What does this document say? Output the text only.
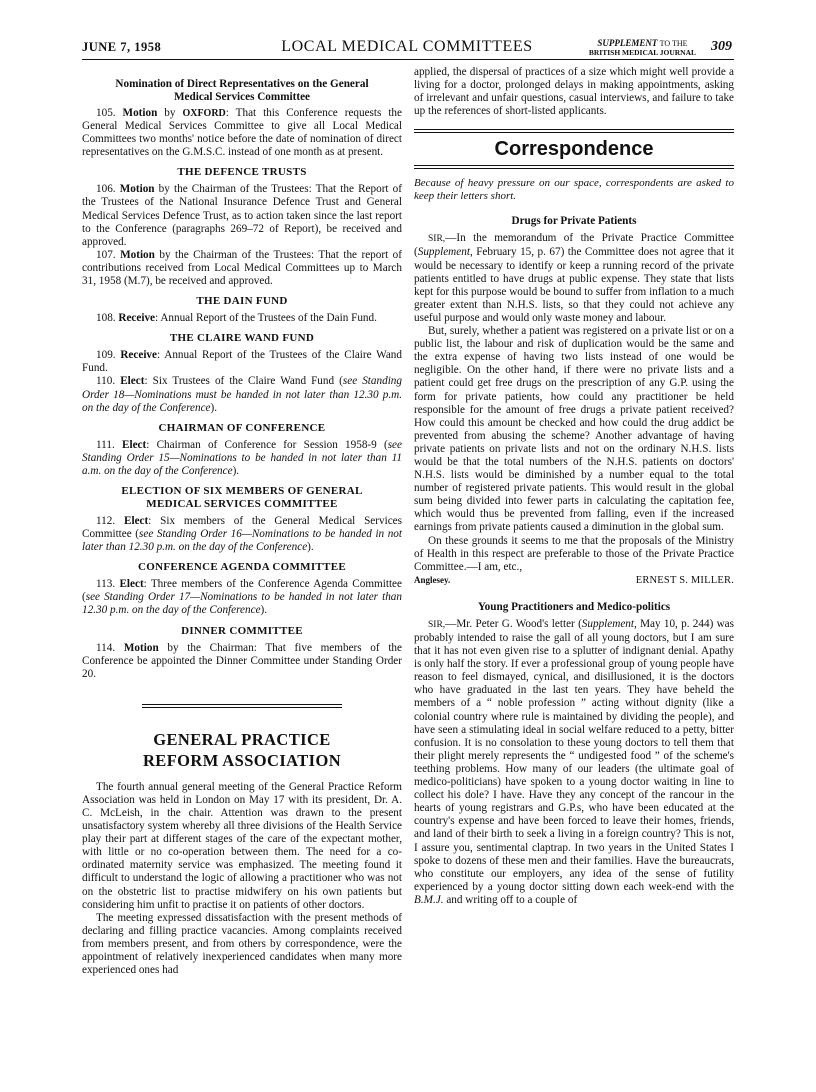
JUNE 7, 1958	LOCAL MEDICAL COMMITTEES	SUPPLEMENT TO THE
BRITISH MEDICAL JOURNAL 309
Nomination of Direct Representatives on the General Medical Services Committee

105. Motion by OXFORD: That this Conference requests the General Medical Services Committee to give all Local Medical Committees two months' notice before the date of nomination of direct representatives on the G.M.S.C. instead of one month as at present.

THE DEFENCE TRUSTS

106. Motion by the Chairman of the Trustees: That the Report of the Trustees of the National Insurance Defence Trust and General Medical Services Defence Trust, as to action taken since the last report to the Conference (paragraphs 269–72 of Report), be received and approved.

107. Motion by the Chairman of the Trustees: That the report of contributions received from Local Medical Committees up to March 31, 1958 (M.7), be received and approved.

THE DAIN FUND

108. Receive: Annual Report of the Trustees of the Dain Fund.

THE CLAIRE WAND FUND

109. Receive: Annual Report of the Trustees of the Claire Wand Fund.

110. Elect: Six Trustees of the Claire Wand Fund (see Standing Order 18—Nominations must be handed in not later than 12.30 p.m. on the day of the Conference).

CHAIRMAN OF CONFERENCE

111. Elect: Chairman of Conference for Session 1958-9 (see Standing Order 15—Nominations to be handed in not later than 11 a.m. on the day of the Conference).

ELECTION OF SIX MEMBERS OF GENERAL MEDICAL SERVICES COMMITTEE

112. Elect: Six members of the General Medical Services Committee (see Standing Order 16—Nominations to be handed in not later than 12.30 p.m. on the day of the Conference).

CONFERENCE AGENDA COMMITTEE

113. Elect: Three members of the Conference Agenda Committee (see Standing Order 17—Nominations to be handed in not later than 12.30 p.m. on the day of the Conference).

DINNER COMMITTEE

114. Motion by the Chairman: That five members of the Conference be appointed the Dinner Committee under Standing Order 20.

GENERAL PRACTICE REFORM ASSOCIATION

The fourth annual general meeting of the General Practice Reform Association was held in London on May 17 with its president, Dr. A. C. McLeish, in the chair. Attention was drawn to the present unsatisfactory system whereby all three divisions of the Health Service play their part at different stages of the care of the expectant mother, with little or no co-operation between them. The need for a co-ordinated maternity service was emphasized. The meeting found it difficult to understand the logic of allowing a practitioner who was not on the obstetric list to practise midwifery on his own patients but considering him unfit to practise it on patients of other doctors.

The meeting expressed dissatisfaction with the present methods of declaring and filling practice vacancies. Among complaints received from members present, and from others by correspondence, were the appointment of relatively inexperienced candidates when many more experienced ones had

applied, the dispersal of practices of a size which might well provide a living for a doctor, prolonged delays in making appointments, asking of irrelevant and unfair questions, casual interviews, and failure to take up the references of short-listed applicants.

Correspondence
Because of heavy pressure on our space, correspondents are asked to keep their letters short.
Drugs for Private Patients

SIR,—In the memorandum of the Private Practice Committee (Supplement, February 15, p. 67) the Committee does not agree that it would be necessary to identify or keep a running record of the private patients entitled to have drugs at public expense. They state that lists kept for this purpose would be bound to suffer from inflation to a much greater extent than N.H.S. lists, so that they could not achieve any useful purpose and would only waste money and labour.

But, surely, whether a patient was registered on a private list or on a public list, the labour and risk of duplication would be the same and the extra expense of having two lists instead of one would be negligible. On the other hand, if there were no private lists and a patient could get free drugs on the prescription of any G.P. using the form for private patients, how could any practitioner be held responsible for the amount of free drugs a private patient received? How could this amount be checked and how could the drug addict be prevented from abusing the scheme? Another advantage of having private patients on private lists and not on the ordinary N.H.S. lists would be that the total numbers of the N.H.S. patients on doctors' N.H.S. lists would be diminished by a number equal to the total number of registered private patients. This would result in the global sum being divided into fewer parts in calculating the capitation fee, which would thus be prevented from falling, even if the increased earnings from private patients caused a diminution in the global sum.

On these grounds it seems to me that the proposals of the Ministry of Health in this respect are preferable to those of the Private Practice Committee.—I am, etc.,

Anglesey.	ERNEST S. MILLER.
Young Practitioners and Medico-politics

SIR,—Mr. Peter G. Wood's letter (Supplement, May 10, p. 244) was probably intended to raise the gall of all young doctors, but I am sure that it has not even given rise to a splutter of indignant denial. Apathy is only half the story. If ever a professional group of young people have reason to feel dismayed, cynical, and disillusioned, it is the doctors who have graduated in the last ten years. They have beheld the members of a “ noble profession ” acting without dignity (like a colonial country where rule is maintained by dividing the people), and have seen a stimulating ideal in social welfare reduced to a petty, bitter confusion. It is no consolation to these young doctors to tell them that their plight merely represents the “ undigested food ” of the scheme's teething problems. How many of our leaders (the ultimate goal of medico-politicians) have spoken to a young doctor waiting in line to collect his dole? I have. Have they any concept of the rancour in the hearts of young registrars and G.P.s, who have been educated at the country's expense and have been forced to leave their homes, friends, and land of their birth to seek a living in a foreign country? This is not, I assure you, sentimental claptrap. In two years in the United States I spoke to dozens of these men and their families. Have the bureaucrats, who constitute our employers, any idea of the sense of futility experienced by a young doctor sitting down each week-end with the B.M.J. and writing off to a couple of
